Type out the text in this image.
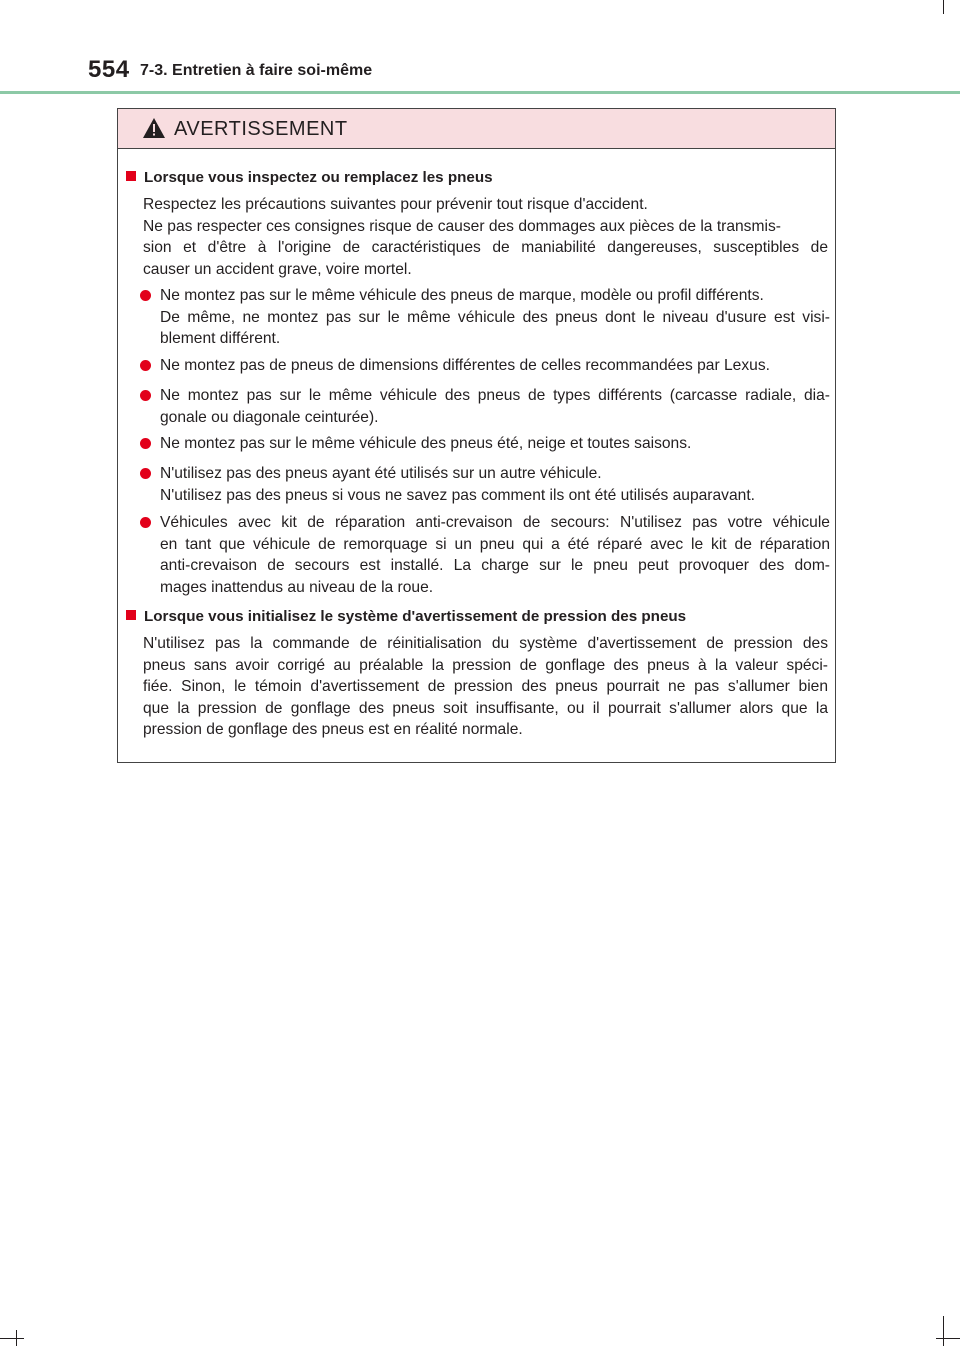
554 7-3. Entretien à faire soi-même
AVERTISSEMENT
Lorsque vous inspectez ou remplacez les pneus
Respectez les précautions suivantes pour prévenir tout risque d'accident.
Ne pas respecter ces consignes risque de causer des dommages aux pièces de la transmis-
sion et d'être à l'origine de caractéristiques de maniabilité dangereuses, susceptibles de
causer un accident grave, voire mortel.
Ne montez pas sur le même véhicule des pneus de marque, modèle ou profil différents.
De même, ne montez pas sur le même véhicule des pneus dont le niveau d'usure est visi-
blement différent.
Ne montez pas de pneus de dimensions différentes de celles recommandées par Lexus.
Ne montez pas sur le même véhicule des pneus de types différents (carcasse radiale, dia-
gonale ou diagonale ceinturée).
Ne montez pas sur le même véhicule des pneus été, neige et toutes saisons.
N'utilisez pas des pneus ayant été utilisés sur un autre véhicule.
N'utilisez pas des pneus si vous ne savez pas comment ils ont été utilisés auparavant.
Véhicules avec kit de réparation anti-crevaison de secours: N'utilisez pas votre véhicule
en tant que véhicule de remorquage si un pneu qui a été réparé avec le kit de réparation
anti-crevaison de secours est installé. La charge sur le pneu peut provoquer des dom-
mages inattendus au niveau de la roue.
Lorsque vous initialisez le système d'avertissement de pression des pneus
N'utilisez pas la commande de réinitialisation du système d'avertissement de pression des
pneus sans avoir corrigé au préalable la pression de gonflage des pneus à la valeur spéci-
fiée. Sinon, le témoin d'avertissement de pression des pneus pourrait ne pas s'allumer bien
que la pression de gonflage des pneus soit insuffisante, ou il pourrait s'allumer alors que la
pression de gonflage des pneus est en réalité normale.
